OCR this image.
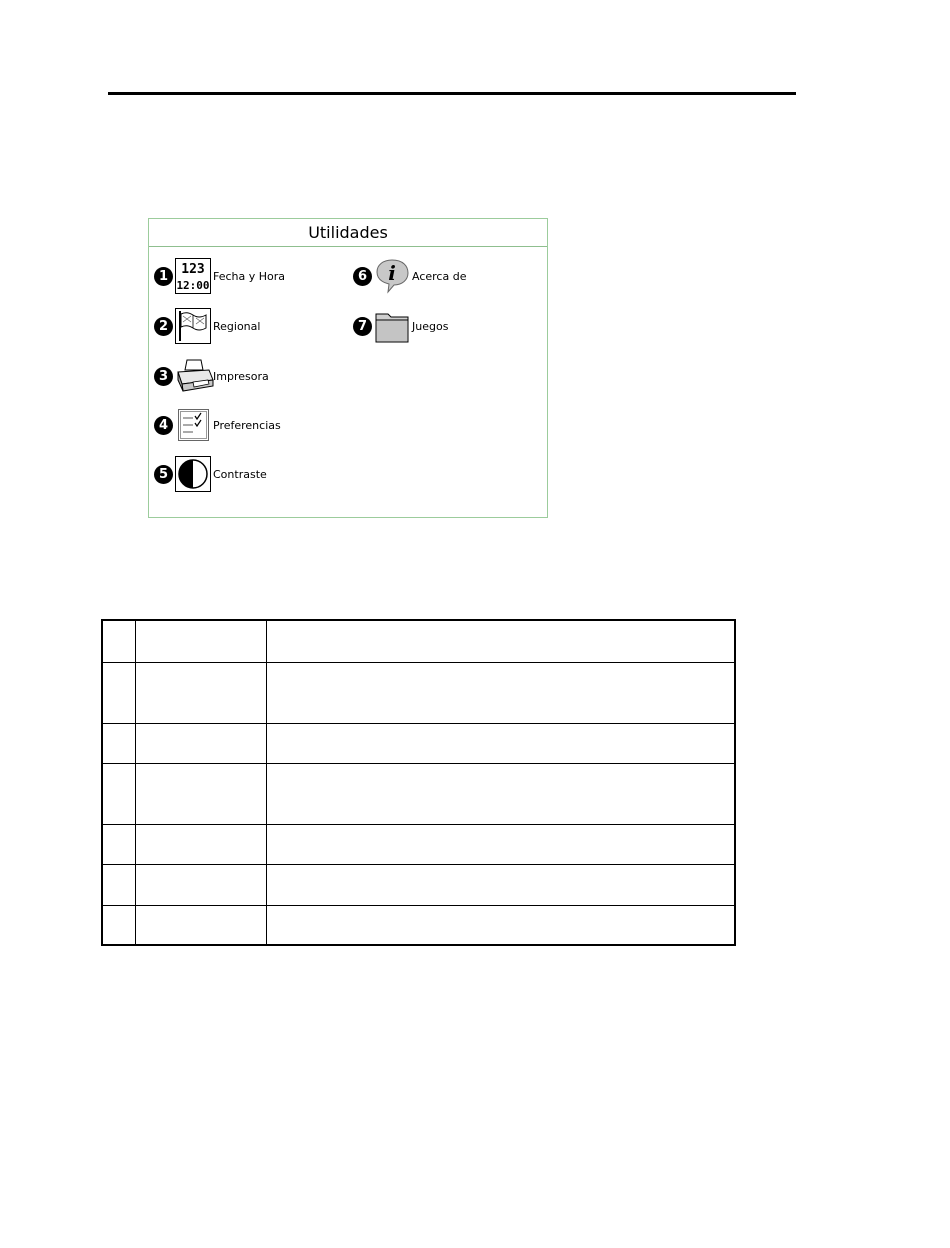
Utilidades
1	123
12:00
Fecha y Hora
2	Regional
3	Impresora
4	Preferencias
5	Contraste
6 i Acerca de
7	Juegos
